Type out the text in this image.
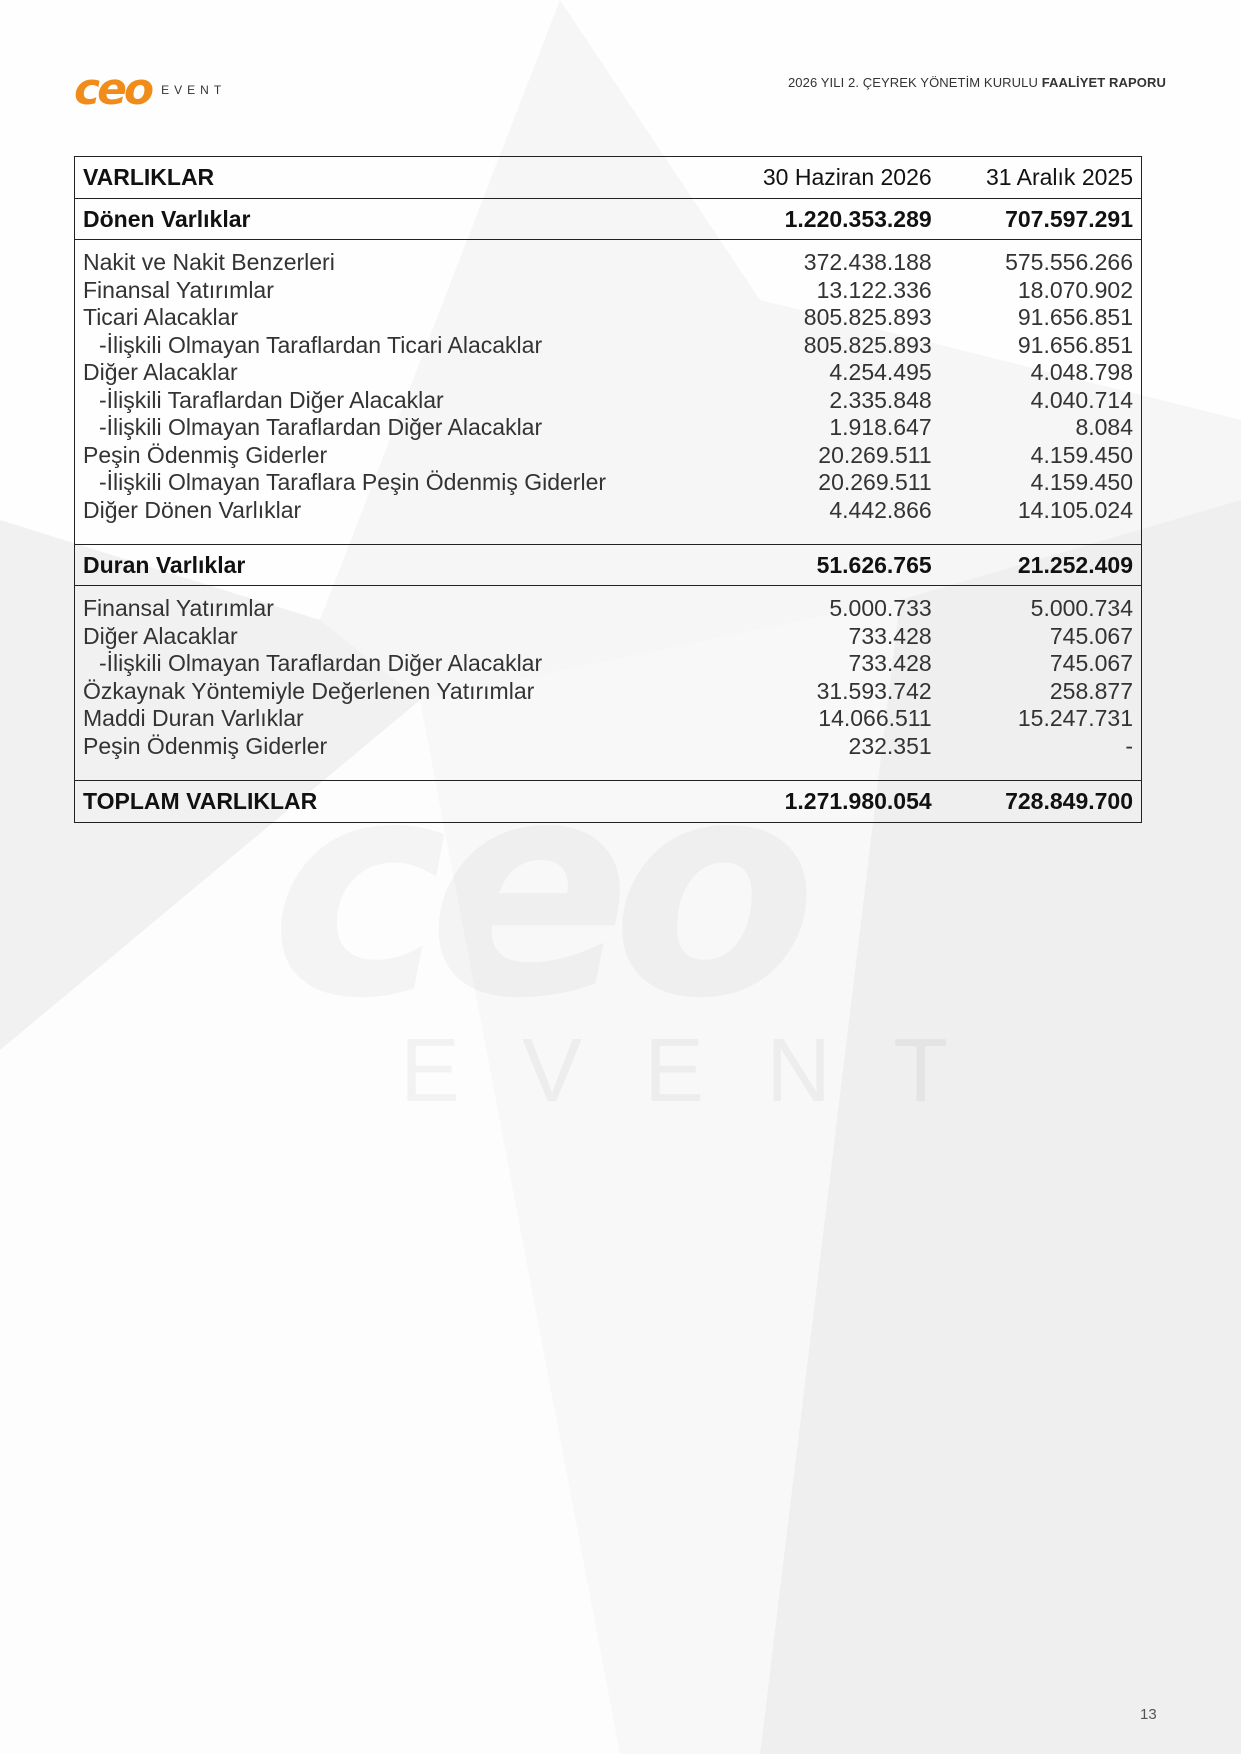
ceo EVENT	2026 YILI 2. ÇEYREK YÖNETİM KURULU FAALİYET RAPORU
VARLIKLAR	30 Haziran 2026	31 Aralık 2025
Dönen Varlıklar	1.220.353.289	707.597.291

Nakit ve Nakit Benzerleri	372.438.188	575.556.266
Finansal Yatırımlar	13.122.336	18.070.902
Ticari Alacaklar	805.825.893	91.656.851
-İlişkili Olmayan Taraflardan Ticari Alacaklar	805.825.893	91.656.851
Diğer Alacaklar	4.254.495	4.048.798
-İlişkili Taraflardan Diğer Alacaklar	2.335.848	4.040.714
-İlişkili Olmayan Taraflardan Diğer Alacaklar	1.918.647	8.084
Peşin Ödenmiş Giderler	20.269.511	4.159.450
-İlişkili Olmayan Taraflara Peşin Ödenmiş Giderler	20.269.511	4.159.450
Diğer Dönen Varlıklar	4.442.866	14.105.024

Duran Varlıklar	51.626.765	21.252.409

Finansal Yatırımlar	5.000.733	5.000.734
Diğer Alacaklar	733.428	745.067
-İlişkili Olmayan Taraflardan Diğer Alacaklar	733.428	745.067
Özkaynak Yöntemiyle Değerlenen Yatırımlar	31.593.742	258.877
Maddi Duran Varlıklar	14.066.511	15.247.731
Peşin Ödenmiş Giderler	232.351	-

TOPLAM VARLIKLAR	1.271.980.054	728.849.700
13
